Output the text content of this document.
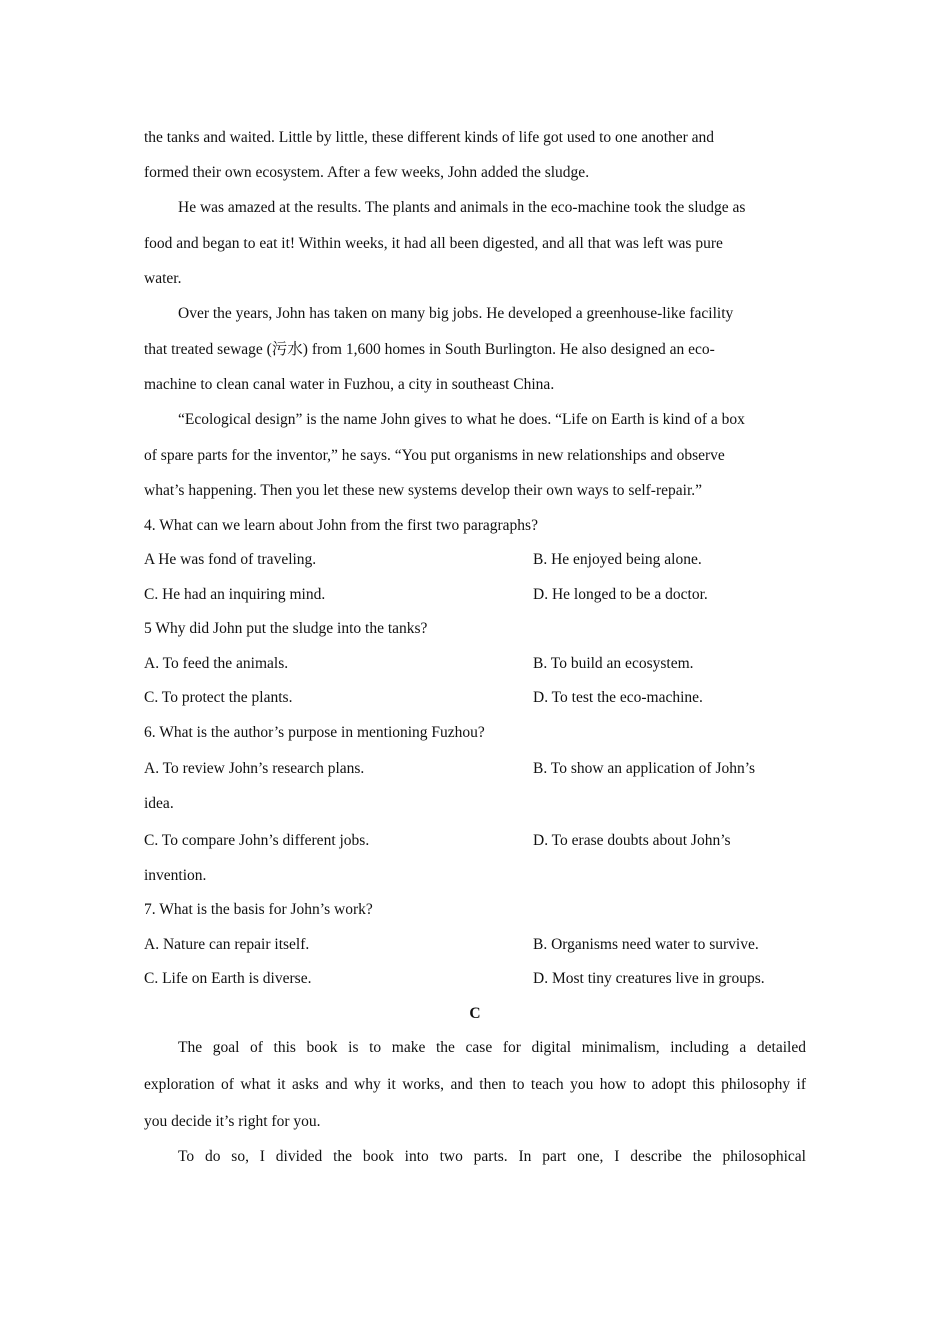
the tanks and waited. Little by little, these different kinds of life got used to one another and
formed their own ecosystem. After a few weeks, John added the sludge.
He was amazed at the results. The plants and animals in the eco-machine took the sludge as
food and began to eat it! Within weeks, it had all been digested, and all that was left was pure
water.
Over the years, John has taken on many big jobs. He developed a greenhouse-like facility
that treated sewage (污水) from 1,600 homes in South Burlington. He also designed an eco-
machine to clean canal water in Fuzhou, a city in southeast China.
“Ecological design” is the name John gives to what he does. “Life on Earth is kind of a box
of spare parts for the inventor,” he says. “You put organisms in new relationships and observe
what’s happening. Then you let these new systems develop their own ways to self-repair.”
4. What can we learn about John from the first two paragraphs?
A He was fond of traveling.	B. He enjoyed being alone.
C. He had an inquiring mind.	D. He longed to be a doctor.
5 Why did John put the sludge into the tanks?
A. To feed the animals.	B. To build an ecosystem.
C. To protect the plants.	D. To test the eco-machine.
6. What is the author’s purpose in mentioning Fuzhou?
A. To review John’s research plans.	B. To show an application of John’s
idea.
C. To compare John’s different jobs.	D. To erase doubts about John’s
invention.
7. What is the basis for John’s work?
A. Nature can repair itself.	B. Organisms need water to survive.
C. Life on Earth is diverse.	D. Most tiny creatures live in groups.
C
The goal of this book is to make the case for digital minimalism, including a detailed
exploration of what it asks and why it works, and then to teach you how to adopt this philosophy if
you decide it’s right for you.
To do so, I divided the book into two parts. In part one, I describe the philosophical
